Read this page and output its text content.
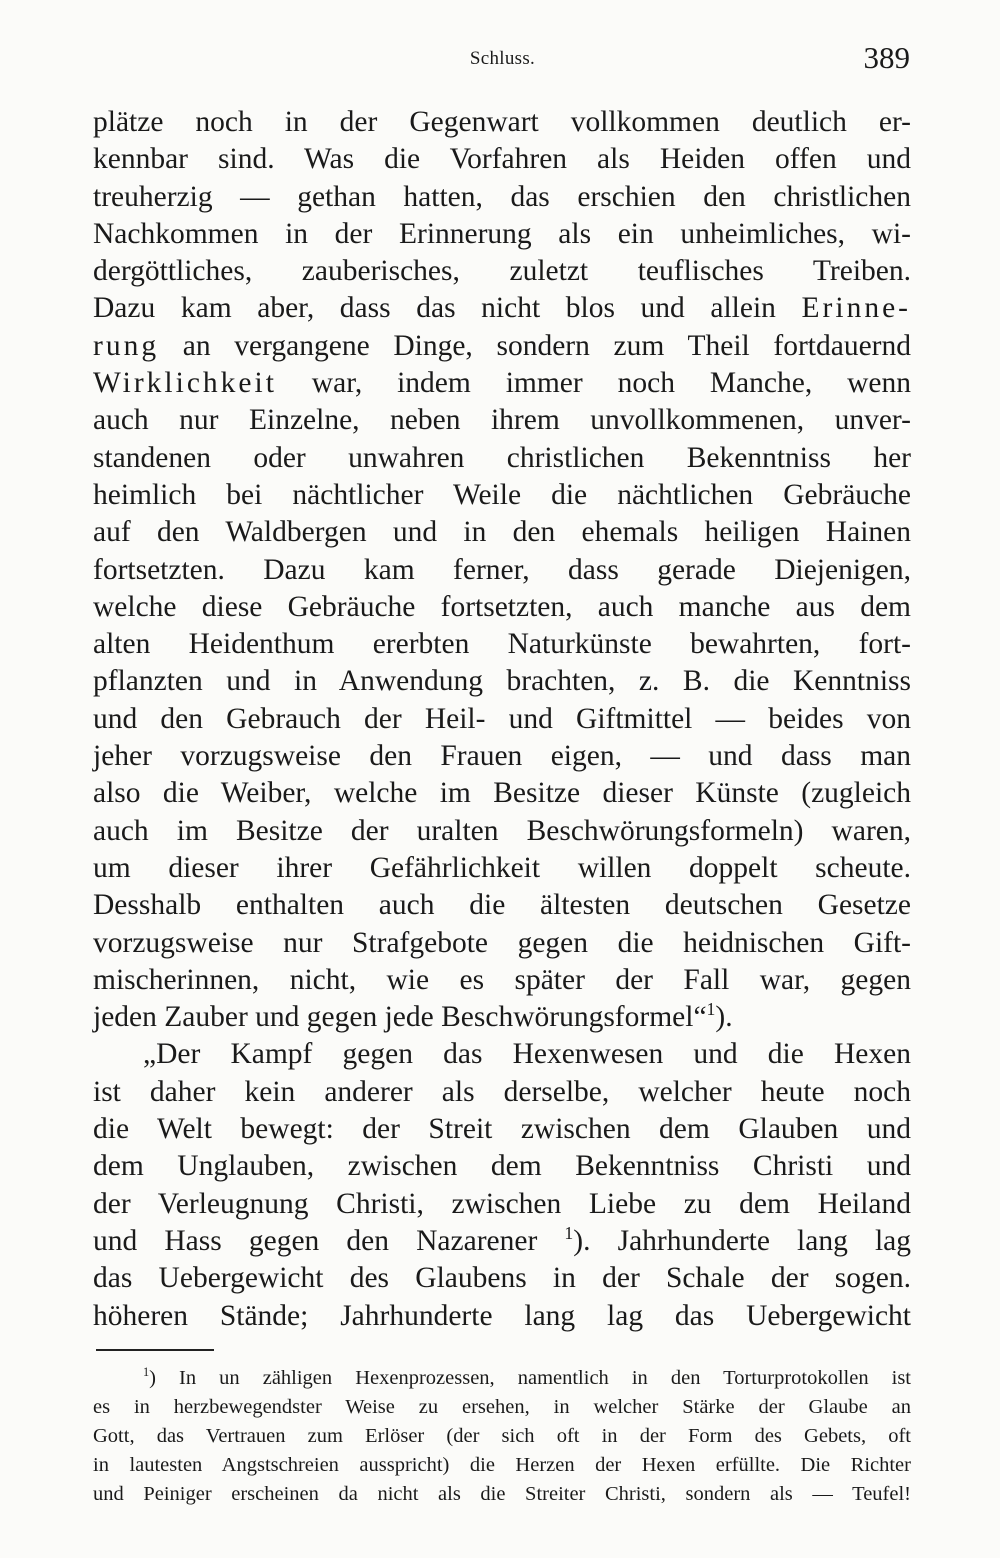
Schluss.	389
plätze noch in der Gegenwart vollkommen deutlich er-
kennbar sind. Was die Vorfahren als Heiden offen und
treuherzig — gethan hatten, das erschien den christlichen
Nachkommen in der Erinnerung als ein unheimliches, wi-
dergöttliches, zauberisches, zuletzt teuflisches Treiben.
Dazu kam aber, dass das nicht blos und allein Erinne-
rung an vergangene Dinge, sondern zum Theil fortdauernd
Wirklichkeit war, indem immer noch Manche, wenn
auch nur Einzelne, neben ihrem unvollkommenen, unver-
standenen oder unwahren christlichen Bekenntniss her
heimlich bei nächtlicher Weile die nächtlichen Gebräuche
auf den Waldbergen und in den ehemals heiligen Hainen
fortsetzten. Dazu kam ferner, dass gerade Diejenigen,
welche diese Gebräuche fortsetzten, auch manche aus dem
alten Heidenthum ererbten Naturkünste bewahrten, fort-
pflanzten und in Anwendung brachten, z. B. die Kenntniss
und den Gebrauch der Heil- und Giftmittel — beides von
jeher vorzugsweise den Frauen eigen, — und dass man
also die Weiber, welche im Besitze dieser Künste (zugleich
auch im Besitze der uralten Beschwörungsformeln) waren,
um dieser ihrer Gefährlichkeit willen doppelt scheute.
Desshalb enthalten auch die ältesten deutschen Gesetze
vorzugsweise nur Strafgebote gegen die heidnischen Gift-
mischerinnen, nicht, wie es später der Fall war, gegen
jeden Zauber und gegen jede Beschwörungsformel“$^1$).
„Der Kampf gegen das Hexenwesen und die Hexen
ist daher kein anderer als derselbe, welcher heute noch
die Welt bewegt: der Streit zwischen dem Glauben und
dem Unglauben, zwischen dem Bekenntniss Christi und
der Verleugnung Christi, zwischen Liebe zu dem Heiland
und Hass gegen den Nazarener $^1$). Jahrhunderte lang lag
das Uebergewicht des Glaubens in der Schale der sogen.
höheren Stände; Jahrhunderte lang lag das Uebergewicht
$^1$) In un zähligen Hexenprozessen, namentlich in den Torturprotokollen ist
es in herzbewegendster Weise zu ersehen, in welcher Stärke der Glaube an
Gott, das Vertrauen zum Erlöser (der sich oft in der Form des Gebets, oft
in lautesten Angstschreien ausspricht) die Herzen der Hexen erfüllte. Die Richter
und Peiniger erscheinen da nicht als die Streiter Christi, sondern als — Teufel!
